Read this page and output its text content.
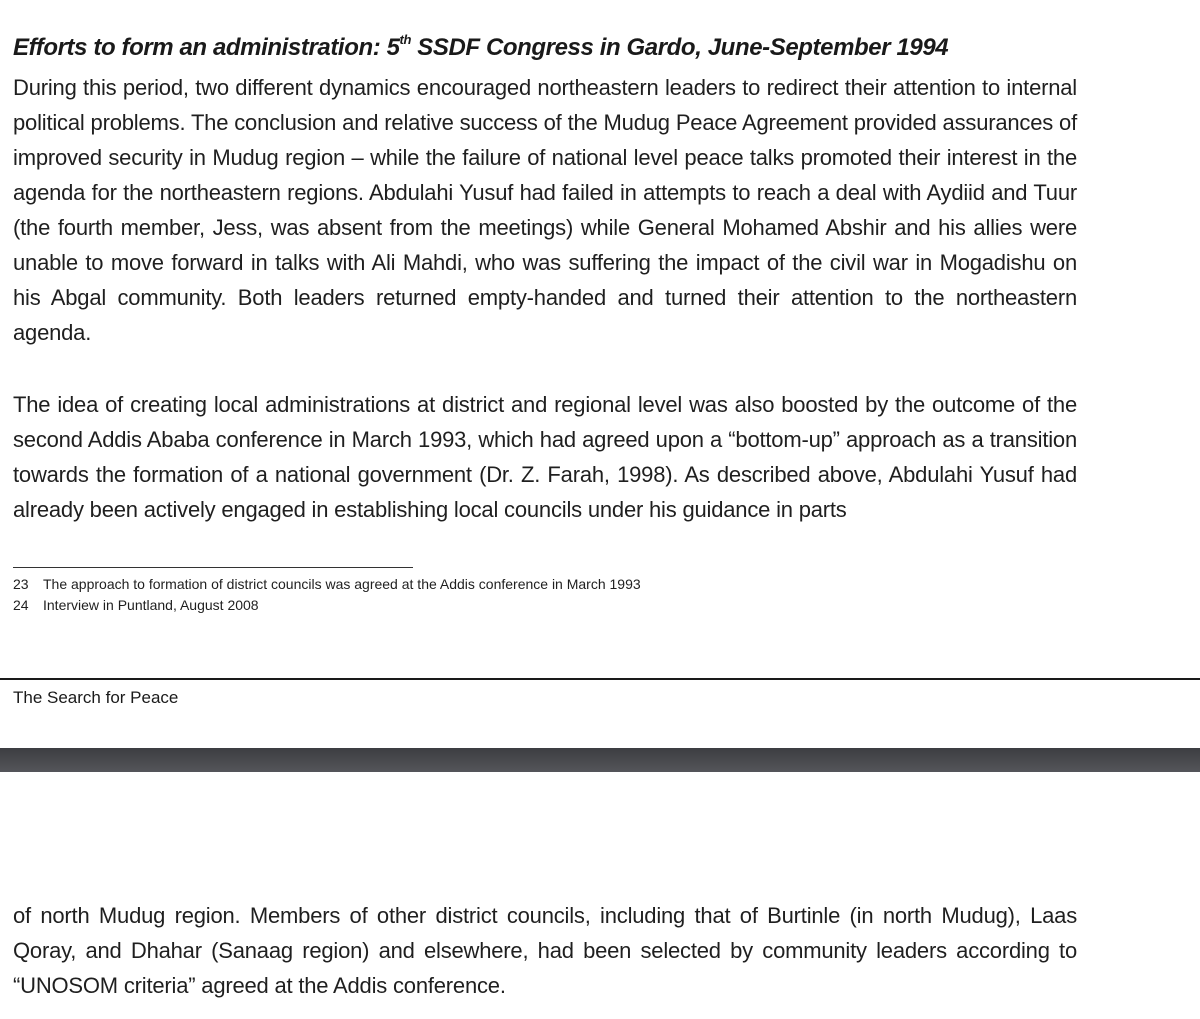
Efforts to form an administration: 5th SSDF Congress in Gardo, June-September 1994

During this period, two different dynamics encouraged northeastern leaders to redirect their attention to internal political problems. The conclusion and relative success of the Mudug Peace Agreement provided assurances of improved security in Mudug region – while the failure of national level peace talks promoted their interest in the agenda for the northeastern regions. Abdulahi Yusuf had failed in attempts to reach a deal with Aydiid and Tuur (the fourth member, Jess, was absent from the meetings) while General Mohamed Abshir and his allies were unable to move forward in talks with Ali Mahdi, who was suffering the impact of the civil war in Mogadishu on his Abgal community. Both leaders returned empty-handed and turned their attention to the northeastern agenda.

The idea of creating local administrations at district and regional level was also boosted by the outcome of the second Addis Ababa conference in March 1993, which had agreed upon a “bottom-up” approach as a transition towards the formation of a national government (Dr. Z. Farah, 1998). As described above, Abdulahi Yusuf had already been actively engaged in establishing local councils under his guidance in parts

23 The approach to formation of district councils was agreed at the Addis conference in March 1993
24 Interview in Puntland, August 2008
The Search for Peace

of north Mudug region. Members of other district councils, including that of Burtinle (in north Mudug), Laas Qoray, and Dhahar (Sanaag region) and elsewhere, had been selected by community leaders according to “UNOSOM criteria” agreed at the Addis conference.
